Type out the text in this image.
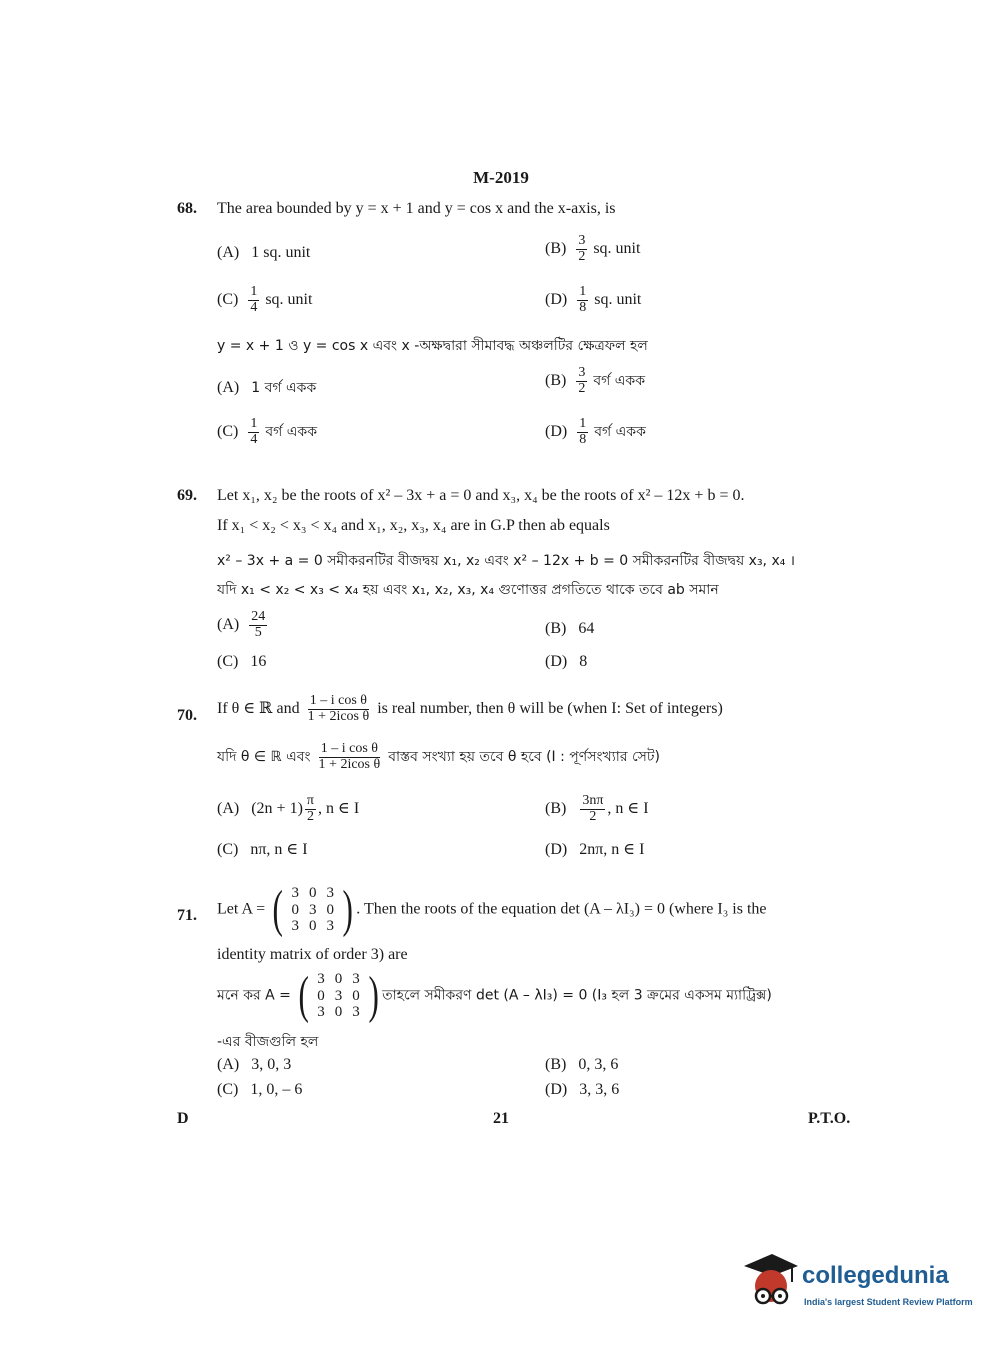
M-2019
68. The area bounded by y = x + 1 and y = cos x and the x-axis, is
(A) 1 sq. unit	$(B) \frac{3}{2}$ sq. unit
$(C) \frac{1}{4}$ sq. unit	$(D) \frac{1}{8}$ sq. unit
y = x + 1 ও y = cos x এবং x -অক্ষদ্বারা সীমাবদ্ধ অঞ্চলটির ক্ষেত্রফল হল
(A) 1 বর্গ একক	$(B) \frac{3}{2}$ বর্গ একক
$(C) \frac{1}{4}$ বর্গ একক	$(D) \frac{1}{8}$ বর্গ একক
69. Let x₁, x₂ be the roots of x² – 3x + a = 0 and x₃, x₄ be the roots of x² – 12x + b = 0.
If x₁ < x₂ < x₃ < x₄ and x₁, x₂, x₃, x₄ are in G.P then ab equals
x² – 3x + a = 0 সমীকরনটির বীজদ্বয় x₁, x₂ এবং x² – 12x + b = 0 সমীকরনটির বীজদ্বয় x₃, x₄ ।
যদি x₁ < x₂ < x₃ < x₄ হয় এবং x₁, x₂, x₃, x₄ গুণোত্তর প্রগতিতে থাকে তবে ab সমান
$(A) \frac{24}{5}$	(B) 64
(C) 16	(D) 8
70. If θ ∈ ℝ and $\frac{\text{1 – i cos θ}}{\text{1 + 2icos θ}}$ is real number, then θ will be (when I: Set of integers)
যদি θ ∈ ℝ এবং $\frac{\text{1 – i cos θ}}{\text{1 + 2icos θ}}$ বাস্তব সংখ্যা হয় তবে θ হবে (I : পূর্ণসংখ্যার সেট)
(A) $(2n + 1) \frac{\pi}{2}$ , n ∈ I	$(B) \frac{3n\pi}{2}$ , n ∈ I
(C) nπ, n ∈ I	(D) 2nπ, n ∈ I
71. Let A = ( 3	0	3
0	3	0
3	0	3 ) . Then the roots of the equation det (A – λI₃) = 0 (where I₃ is the
identity matrix of order 3) are
মনে কর A = ( 3	0	3
0	3	0
3	0	3 ) তাহলে সমীকরণ det (A – λI₃) = 0 (I₃ হল 3 ক্রমের একসম ম্যাট্রিক্স)
-এর বীজগুলি হল
(A) 3, 0, 3	(B) 0, 3, 6
(C) 1, 0, – 6	(D) 3, 3, 6
D	21	P.T.O.
collegedunia
India's largest Student Review Platform
